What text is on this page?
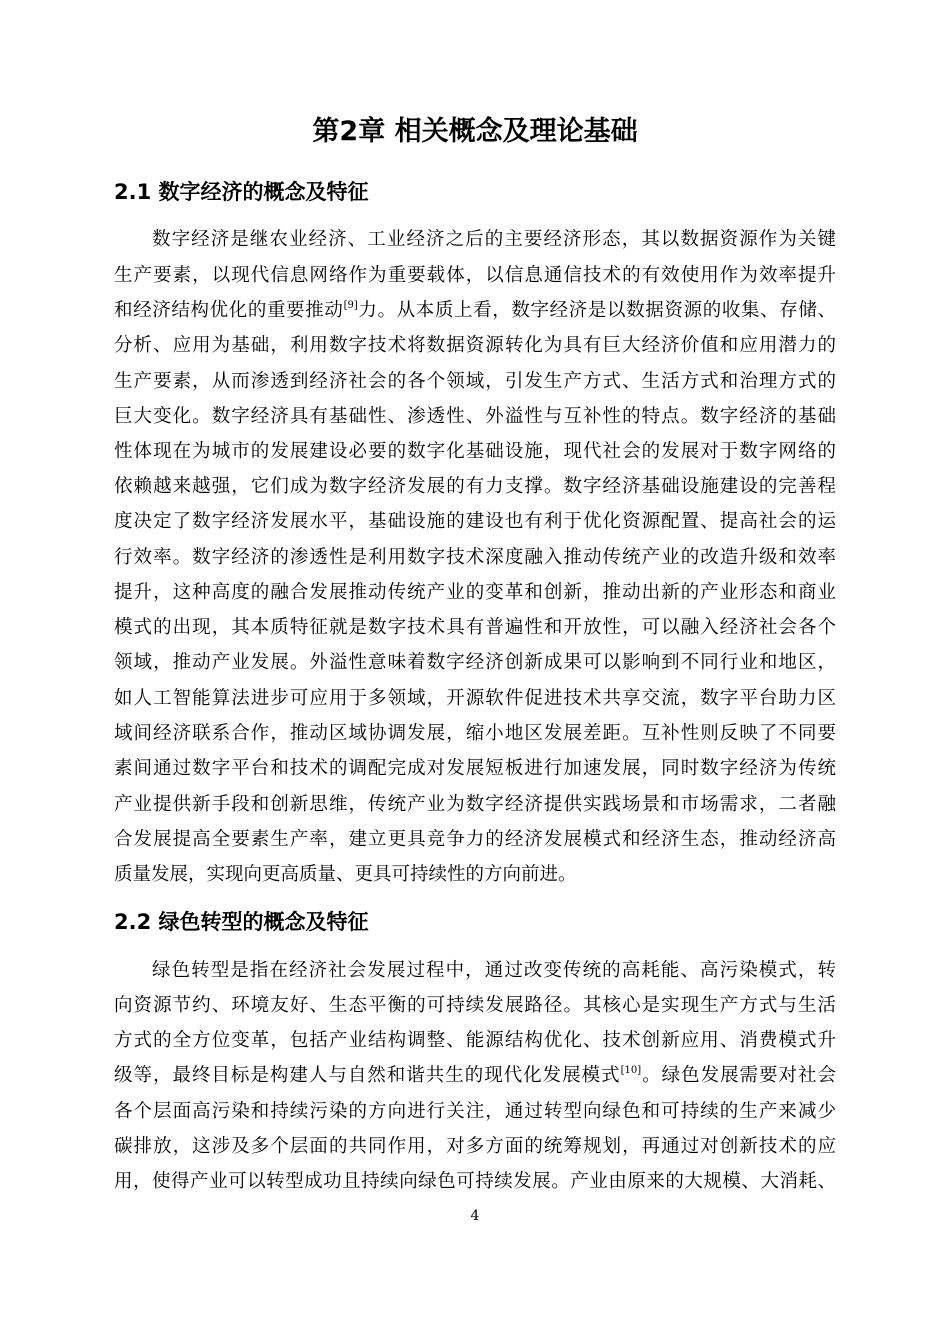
第2章 相关概念及理论基础
2.1 数字经济的概念及特征

数字经济是继农业经济、工业经济之后的主要经济形态，其以数据资源作为关键

生产要素，以现代信息网络作为重要载体，以信息通信技术的有效使用作为效率提升

和经济结构优化的重要推动[9]力。从本质上看，数字经济是以数据资源的收集、存储、

分析、应用为基础，利用数字技术将数据资源转化为具有巨大经济价值和应用潜力的

生产要素，从而渗透到经济社会的各个领域，引发生产方式、生活方式和治理方式的

巨大变化。数字经济具有基础性、渗透性、外溢性与互补性的特点。数字经济的基础

性体现在为城市的发展建设必要的数字化基础设施，现代社会的发展对于数字网络的

依赖越来越强，它们成为数字经济发展的有力支撑。数字经济基础设施建设的完善程

度决定了数字经济发展水平，基础设施的建设也有利于优化资源配置、提高社会的运

行效率。数字经济的渗透性是利用数字技术深度融入推动传统产业的改造升级和效率

提升，这种高度的融合发展推动传统产业的变革和创新，推动出新的产业形态和商业

模式的出现，其本质特征就是数字技术具有普遍性和开放性，可以融入经济社会各个

领域，推动产业发展。外溢性意味着数字经济创新成果可以影响到不同行业和地区，

如人工智能算法进步可应用于多领域，开源软件促进技术共享交流，数字平台助力区

域间经济联系合作，推动区域协调发展，缩小地区发展差距。互补性则反映了不同要

素间通过数字平台和技术的调配完成对发展短板进行加速发展，同时数字经济为传统

产业提供新手段和创新思维，传统产业为数字经济提供实践场景和市场需求，二者融

合发展提高全要素生产率，建立更具竞争力的经济发展模式和经济生态，推动经济高

质量发展，实现向更高质量、更具可持续性的方向前进。

2.2 绿色转型的概念及特征

绿色转型是指在经济社会发展过程中，通过改变传统的高耗能、高污染模式，转

向资源节约、环境友好、生态平衡的可持续发展路径。其核心是实现生产方式与生活

方式的全方位变革，包括产业结构调整、能源结构优化、技术创新应用、消费模式升

级等，最终目标是构建人与自然和谐共生的现代化发展模式[10]。绿色发展需要对社会

各个层面高污染和持续污染的方向进行关注，通过转型向绿色和可持续的生产来减少

碳排放，这涉及多个层面的共同作用，对多方面的统筹规划，再通过对创新技术的应

用，使得产业可以转型成功且持续向绿色可持续发展。产业由原来的大规模、大消耗、

4
